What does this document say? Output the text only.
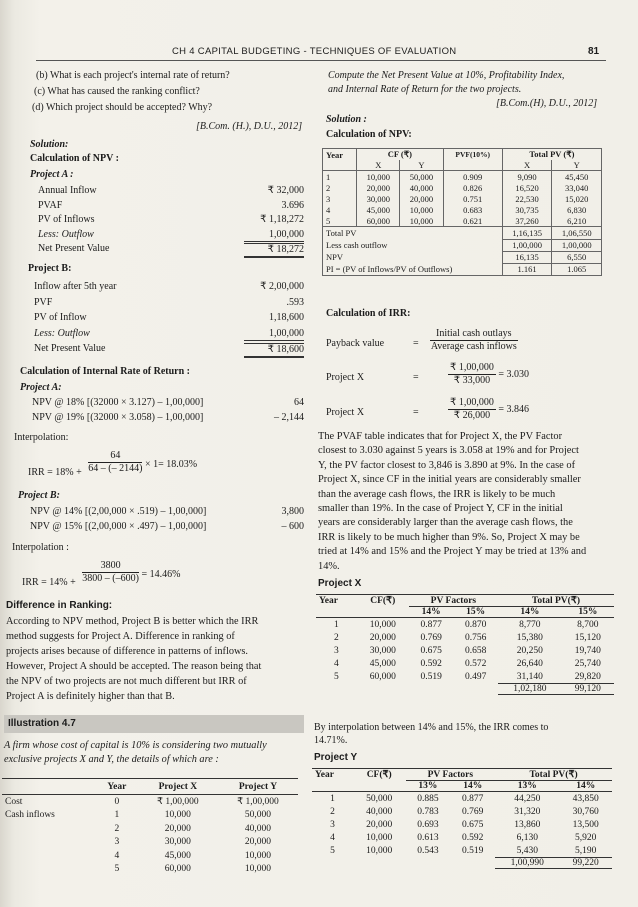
CH 4 CAPITAL BUDGETING - TECHNIQUES OF EVALUATION	81
(b) What is each project's internal rate of return?
(c) What has caused the ranking conflict?
(d) Which project should be accepted? Why?
[B.Com. (H.), D.U., 2012]
Solution:
Calculation of NPV :
Project A :
Project B:
Calculation of Internal Rate of Return :
Project A:
Interpolation:
IRR = $18\% + \frac{64}{64 - (- 2144)} \times 1= 18.03\%$
Project B:
Interpolation :
IRR = $14\% + \frac{3800}{3800 - (-600)} = 14.46\%$
Difference in Ranking:
Illustration 4.7
	Year	Project X	Project Y
Cost	0	₹ 1,00,000	₹ 1,00,000
Cash inflows	1	10,000	50,000
	2	20,000	40,000
	3	30,000	20,000
	4	45,000	10,000
	5	60,000	10,000
Compute the Net Present Value at 10%, Profitability Index,
and Internal Rate of Return for the two projects.
[B.Com.(H), D.U., 2012]
Solution :
Calculation of NPV:
Year	CF (₹)		PVF(10%)	Total PV (₹)	
	X	Y		X	Y
1	10,000	50,000	0.909	9,090	45,450
2	20,000	40,000	0.826	16,520	33,040
3	30,000	20,000	0.751	22,530	15,020
4	45,000	10,000	0.683	30,735	6,830
5	60,000	10,000	0.621	37,260	6,210
Total PV				1,16,135	1,06,550
Less cash outflow				1,00,000	1,00,000
NPV				16,135	6,550
PI = (PV of Inflows/PV of Outflows)				1.161	1.065
Calculation of IRR:
Payback value	= $\frac{\text{Initial cash outlays}}{\text{Average cash inflows}}$
Project X	=	$\frac{₹ 1,00,000}{₹ 33,000} = 3.030$
Project X	=	$\frac{₹ 1,00,000}{₹ 26,000} = 3.846$
Project X
Year	CF(₹)	PV Factors		Total PV(₹)	
		14%	15%	14%	15%
1	10,000	0.877	0.870	8,770	8,700
2	20,000	0.769	0.756	15,380	15,120
3	30,000	0.675	0.658	20,250	19,740
4	45,000	0.592	0.572	26,640	25,740
5	60,000	0.519	0.497	31,140	29,820
				1,02,180	99,120
By interpolation between 14% and 15%, the IRR comes to
14.71%.
Project Y
Year	CF(₹)	PV Factors		Total PV(₹)	
		13%	14%	13%	14%
1	50,000	0.885	0.877	44,250	43,850
2	40,000	0.783	0.769	31,320	30,760
3	20,000	0.693	0.675	13,860	13,500
4	10,000	0.613	0.592	6,130	5,920
5	10,000	0.543	0.519	5,430	5,190
				1,00,990	99,220
Annual Inflow	₹ 32,000
PVAF	3.696
PV of Inflows	₹ 1,18,272
Less: Outflow	1,00,000
Net Present Value	₹ 18,272
Inflow after 5th year	₹ 2,00,000
PVF	.593
PV of Inflow	1,18,600
Less: Outflow	1,00,000
Net Present Value	₹ 18,600
NPV @ 18% [(32000 × 3.127) – 1,00,000]	64
NPV @ 19% [(32000 × 3.058) – 1,00,000]	– 2,144
NPV @ 14% [(2,00,000 × .519) – 1,00,000]	3,800
NPV @ 15% [(2,00,000 × .497) – 1,00,000]	– 600
According to NPV method, Project B is better which the IRR
method suggests for Project A. Difference in ranking of
projects arises because of difference in patterns of inflows.
However, Project A should be accepted. The reason being that
the NPV of two projects are not much different but IRR of
Project A is definitely higher than that B.
A firm whose cost of capital is 10% is considering two mutually
exclusive projects X and Y, the details of which are :
The PVAF table indicates that for Project X, the PV Factor
closest to 3.030 against 5 years is 3.058 at 19% and for Project
Y, the PV factor closest to 3,846 is 3.890 at 9%. In the case of
Project X, since CF in the initial years are considerably smaller
than the average cash flows, the IRR is likely to be much
smaller than 19%. In the case of Project Y, CF in the initial
years are considerably larger than the average cash flows, the
IRR is likely to be much higher than 9%. So, Project X may be
tried at 14% and 15% and the Project Y may be tried at 13% and
14%.
